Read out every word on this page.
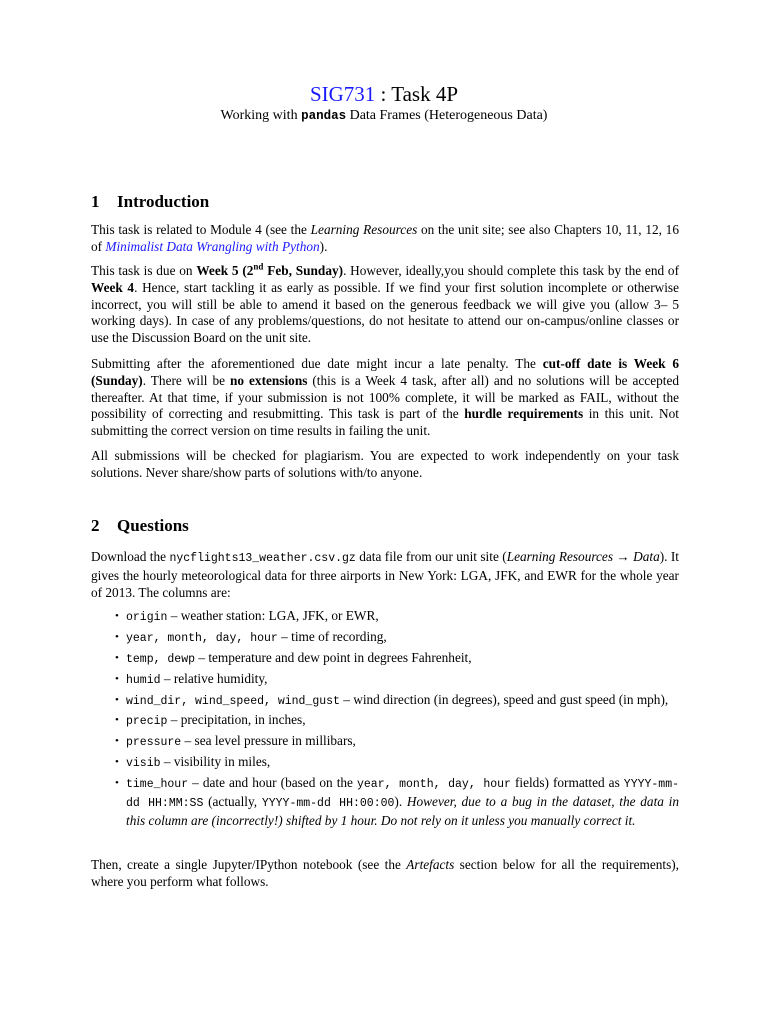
SIG731 : Task 4P
Working with pandas Data Frames (Heterogeneous Data)
1 Introduction
This task is related to Module 4 (see the Learning Resources on the unit site; see also Chapters 10, 11, 12, 16 of Minimalist Data Wrangling with Python).
This task is due on Week 5 (2nd Feb, Sunday). However, ideally,you should complete this task by the end of Week 4. Hence, start tackling it as early as possible. If we find your first solution incomplete or otherwise incorrect, you will still be able to amend it based on the generous feedback we will give you (allow 3– 5 working days). In case of any problems/questions, do not hesitate to attend our on-campus/online classes or use the Discussion Board on the unit site.
Submitting after the aforementioned due date might incur a late penalty. The cut-off date is Week 6 (Sunday). There will be no extensions (this is a Week 4 task, after all) and no solutions will be accepted thereafter. At that time, if your submission is not 100% complete, it will be marked as FAIL, without the possibility of correcting and resubmitting. This task is part of the hurdle requirements in this unit. Not submitting the correct version on time results in failing the unit.
All submissions will be checked for plagiarism. You are expected to work independently on your task solutions. Never share/show parts of solutions with/to anyone.
2 Questions
Download the nycflights13_weather.csv.gz data file from our unit site (Learning Resources → Data). It gives the hourly meteorological data for three airports in New York: LGA, JFK, and EWR for the whole year of 2013. The columns are:
• origin – weather station: LGA, JFK, or EWR,
• year, month, day, hour – time of recording,
• temp, dewp – temperature and dew point in degrees Fahrenheit,
• humid – relative humidity,
• wind_dir, wind_speed, wind_gust – wind direction (in degrees), speed and gust speed (in mph),
• precip – precipitation, in inches,
• pressure – sea level pressure in millibars,
• visib – visibility in miles,
• time_hour – date and hour (based on the year, month, day, hour fields) formatted as YYYY-mm-dd HH:MM:SS (actually, YYYY-mm-dd HH:00:00). However, due to a bug in the dataset, the data in this column are (incorrectly!) shifted by 1 hour. Do not rely on it unless you manually correct it.
Then, create a single Jupyter/IPython notebook (see the Artefacts section below for all the requirements), where you perform what follows.
